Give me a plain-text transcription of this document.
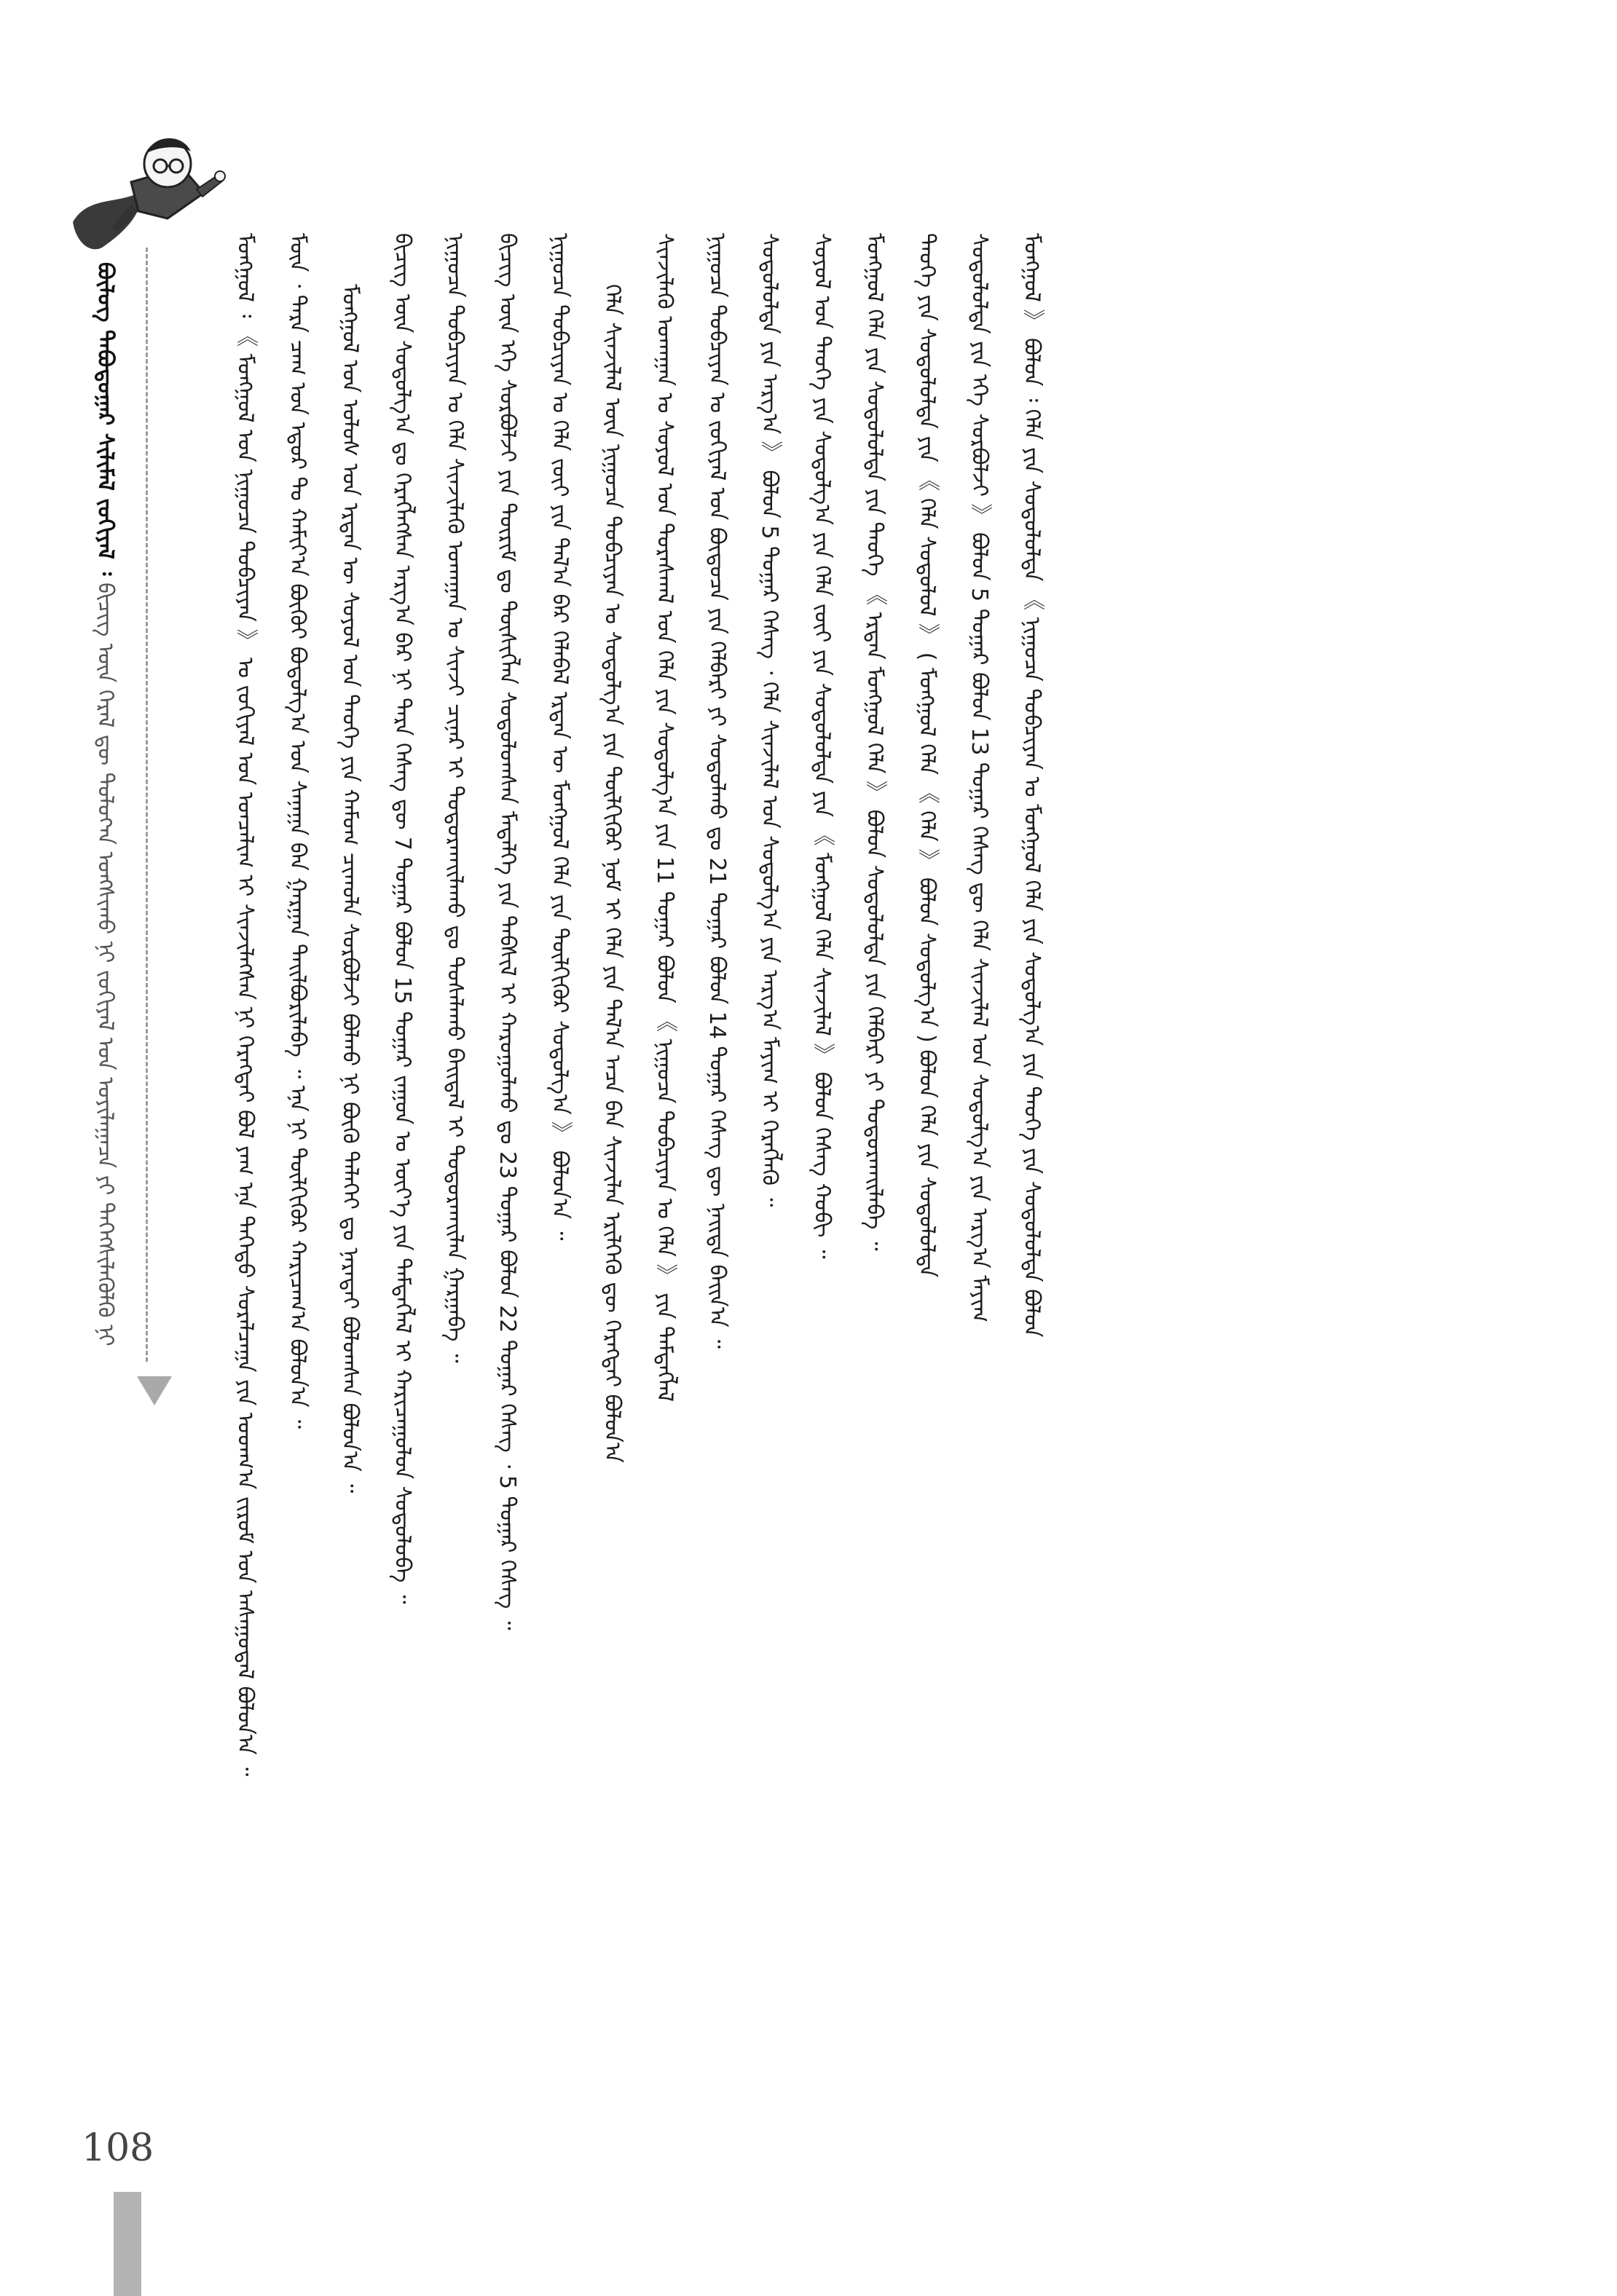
ᠪᠦᠯᠦᠭ ᠲᠠᠪᠤᠳᠤᠭᠠᠷ ᠰᠢᠯᠢᠮᠡᠯ ᠵᠣᠬᠢᠶᠠᠯ ᠄ ᠪᠢᠴᠢᠭ᠌ ᠦᠨ ᠭᠡᠷᠡᠯ ᠳᠦ ᠲᠤᠯᠤᠭ᠌ᠠᠨ ᠤᠩᠰᠢᠬᠤ ᠨᠢ ᠵᠣᠬᠢᠶᠠᠯ ᠤᠨ ᠣᠶᠢᠯᠠᠭᠠᠴᠠ ᠶᠢ ᠳᠡᠭᠡᠭᠰᠢᠯᠡᠭᠦᠯᠬᠦ ᠨᠢ	ᠮᠣᠩᠭᠣᠯ ᠄ 《 ᠮᠣᠩᠭᠣᠯ ᠤᠨ ᠨᠢᠭᠤᠴᠠ ᠲᠣᠪᠴᠢᠶᠠᠨ 》 ᠤ ᠵᠣᠬᠢᠶᠠᠯ ᠤᠨ ᠣᠨᠴᠠᠯᠢᠭ ᠢ ᠰᠢᠨᠵᠢᠯᠡᠭᠰᠡᠨ ᠨᠢ ᠬᠡᠷᠡᠭᠲᠡᠢ ᠪᠣᠯ ᠶᠠᠭ ᠡᠨᠡ ᠳᠡᠭᠡᠳᠦ ᠰᠤᠷᠠᠯᠴᠠᠭᠠ ᠶᠢᠨ ᠤᠳᠬ᠎ᠠ ᠵᠢᠷᠤᠮ ᠤᠨ ᠠᠰᠠᠭᠤᠳᠠᠯ ᠪᠣᠯᠤᠨ᠎ᠠ ᠃	ᠮᠥᠨ ᠂ ᠲᠡᠷᠡ ᠴᠠᠭ ᠤᠨ ᠡᠳᠦᠷ ᠲᠤ ᠬᠠᠮᠢᠶ᠎ᠠ ᠪᠦᠬᠦᠢ ᠪᠣᠳᠣᠯᠭ᠎ᠠ ᠤᠨ ᠰᠠᠨᠠᠭᠠ ᠪᠡᠨ ᠭᠠᠷᠭᠠᠨ ᠲᠠᠢᠯᠪᠤᠷᠢᠯᠠᠪᠠ ᠃ ᠡᠨᠡ ᠨᠢ ᠲᠦᠯᠬᠢᠭᠦᠷ ᠬᠠᠷᠢᠴᠠᠭ᠎ᠠ ᠪᠣᠯᠤᠨ᠎ᠠ ᠃	ᠮᠣᠩᠭᠣᠯ ᠤᠨ ᠤᠯᠤᠰ ᠤᠨ ᠡᠷᠲᠡᠨ ᠦ ᠰᠣᠶᠣᠯ ᠤᠨ ᠲᠡᠦᠬᠡ ᠶᠢᠨ ᠬᠠᠮᠤᠭ ᠴᠢᠬᠤᠯᠠ ᠰᠤᠷᠪᠤᠯᠵᠢ ᠪᠣᠯᠬᠤ ᠨᠢ ᠪᠦᠬᠦ ᠳᠡᠯᠡᠬᠡᠢ ᠳᠤ ᠨᠡᠷᠡᠲᠡᠢ ᠪᠣᠯᠤᠭᠰᠠᠨ ᠪᠣᠯᠤᠨ᠎ᠠ ᠃	ᠪᠢᠴᠢᠭ᠌ ᠦᠨ ᠰᠤᠳᠤᠯᠭ᠎ᠠ ᠳᠤ ᠬᠡᠷᠡᠭᠯᠡᠭᠰᠡᠨ ᠠᠷᠭ᠎ᠠ ᠪᠠᠷ ᠨᠢ ᠲᠡᠷᠡ ᠬᠡᠰᠡᠭ ᠳᠦ 7 ᠳᠤᠭᠠᠷ ᠪᠣᠯᠤᠨ 15 ᠳᠤᠭᠠᠷ ᠵᠠᠭᠤᠨ ᠤ ᠦᠶ᠎ᠡ ᠶᠢᠨ ᠲᠡᠮᠳᠡᠭᠯᠡᠯ ᠢ ᠬᠠᠷᠢᠴᠠᠭᠤᠯᠤᠨ ᠰᠤᠳᠤᠯᠤᠪᠠ ᠃	ᠨᠢᠭᠤᠴᠠ ᠲᠣᠪᠴᠢᠶᠠᠨ ᠤ ᠬᠡᠯᠡ ᠰᠢᠨᠵᠢᠯᠡᠬᠦ ᠤᠬᠠᠭᠠᠨ ᠤ ᠰᠢᠨᠵᠢ ᠴᠢᠨᠠᠷ ᠢ ᠲᠣᠳᠤᠷᠬᠠᠢᠯᠠᠬᠤ ᠳᠤ ᠲᠤᠰᠠᠯᠠᠬᠤ ᠪᠠᠢᠳᠠᠯ ᠢ ᠲᠣᠳᠣᠷᠬᠠᠢᠯᠠᠨ ᠭᠠᠷᠭᠠᠪᠠ ᠃	ᠪᠢᠴᠢᠭ᠌ ᠦᠨ ᠡᠬᠡ ᠰᠤᠷᠪᠤᠯᠵᠢ ᠶᠢᠨ ᠳᠦᠷᠢᠮ ᠳᠤ ᠲᠦᠰᠢᠭᠯᠡᠨ ᠰᠤᠳᠤᠯᠤᠭᠰᠠᠨ ᠮᠡᠳᠡᠯᠭᠡ ᠶᠢᠨ ᠳᠡᠪᠰᠢᠯ ᠢ ᠬᠠᠷᠤᠭᠤᠯᠬᠤ ᠳᠤ 23 ᠳᠤᠭᠠᠷ ᠪᠣᠯᠤᠨ 22 ᠳᠤᠭᠠᠷ ᠬᠡᠰᠡᠭ ᠂ 5 ᠳᠤᠭᠠᠷ ᠬᠡᠰᠡᠭ ᠃	ᠨᠢᠭᠤᠴᠠ ᠲᠣᠪᠴᠢᠶᠠᠨ ᠤ ᠬᠡᠯᠡ ᠵᠦᠢ ᠶᠢᠨ ᠲᠠᠯ᠎ᠠ ᠪᠠᠷ ᠬᠡᠯᠡᠪᠡᠯ ᠡᠷᠲᠡᠨ ᠦ ᠮᠣᠩᠭᠣᠯ ᠬᠡᠯᠡ ᠶᠢᠨ ᠲᠦᠯᠬᠢᠭᠦᠷ ᠰᠤᠳᠤᠯᠭ᠎ᠠ 》 ᠪᠣᠯᠤᠨ᠎ᠠ ᠃	ᠬᠡᠯᠡ ᠰᠢᠨᠵᠢᠯᠡᠯ ᠦᠨ ᠨᠢᠭᠤᠴᠠ ᠲᠣᠪᠴᠢᠶᠠᠨ ᠤ ᠰᠤᠳᠤᠯᠭ᠎ᠠ ᠶᠢᠨ ᠲᠦᠯᠬᠢᠭᠦᠷ ᠨᠣᠮ ᠢ ᠬᠡᠯᠡ ᠶᠢᠨ ᠲᠠᠯ᠎ᠠ ᠠᠴᠠ ᠪᠠᠨ ᠰᠢᠨᠵᠢᠯᠡᠨ ᠡᠷᠢᠯᠬᠡᠬᠦ ᠳᠦ ᠬᠡᠷᠡᠭᠲᠡᠢ ᠪᠣᠯᠤᠨ᠎ᠠ	ᠰᠢᠨᠵᠢᠯᠡᠬᠦ ᠤᠬᠠᠭᠠᠨ ᠤ ᠰᠣᠶᠣᠯ ᠤᠨ ᠳᠤᠷᠠᠰᠬᠠᠯ ᠤᠨ ᠬᠡᠯᠡ ᠶᠢᠨ ᠰᠤᠳᠤᠯᠭ᠎ᠠ ᠶᠢᠨ 11 ᠳᠤᠭᠠᠷ ᠪᠣᠯᠤᠨ 《 ᠨᠢᠭᠤᠴᠠ ᠲᠣᠪᠴᠢᠶᠠᠨ ᠤ ᠬᠡᠯᠡ 》 ᠶᠢᠨ ᠲᠡᠮᠳᠡᠭᠯᠡᠯ	ᠨᠢᠭᠤᠴᠠ ᠲᠣᠪᠴᠢᠶᠠᠨ ᠤ ᠵᠣᠬᠢᠶᠠᠯ ᠤᠨ ᠪᠦᠲᠦᠴᠡ ᠶᠢᠨ ᠬᠡᠯᠪᠡᠷᠢ ᠶᠢ ᠰᠤᠳᠤᠯᠬᠤ ᠳᠤ 21 ᠳᠤᠭᠠᠷ ᠪᠣᠯᠤᠨ 14 ᠳᠤᠭᠠᠷ ᠬᠡᠰᠡᠭ ᠳᠦ ᠨᠡᠢᠲᠡ ᠪᠠᠢᠨ᠎ᠠ ᠃	ᠰᠤᠳᠤᠯᠤᠯᠲᠠ ᠶᠢᠨ ᠠᠷᠭ᠎ᠠ 》 ᠪᠣᠯᠤᠨ 5 ᠳᠤᠭᠠᠷ ᠬᠡᠰᠡᠭ ᠂ ᠬᠡᠯᠡ ᠰᠢᠨᠵᠢᠯᠡᠯ ᠤᠨ ᠰᠤᠳᠤᠯᠭ᠎ᠠ ᠶᠢᠨ ᠠᠷᠭ᠎ᠠ ᠮᠠᠶᠢᠭ ᠢ ᠬᠡᠷᠡᠭᠯᠡᠬᠦ ᠃	ᠰᠣᠶᠣᠯ ᠤᠨ ᠲᠡᠦᠬᠡ ᠶᠢᠨ ᠰᠤᠳᠤᠯᠭ᠎ᠠ ᠶᠢᠨ ᠬᠡᠯᠡ ᠵᠦᠢ ᠶᠢᠨ ᠰᠤᠳᠤᠯᠤᠯᠲᠠ ᠶᠢᠨ 《 ᠮᠣᠩᠭᠣᠯ ᠬᠡᠯᠡ ᠰᠢᠨᠵᠢᠯᠡᠯ 》 ᠪᠣᠯᠤᠨ ᠬᠡᠰᠡᠭ ᠬᠤᠪᠢ ᠃	ᠮᠣᠩᠭᠣᠯ ᠬᠡᠯᠡ ᠶᠢᠨ ᠰᠤᠳᠤᠯᠤᠯᠲᠠ ᠶᠢᠨ ᠲᠡᠦᠬᠡ 《 ᠡᠷᠲᠡᠨ ᠮᠣᠩᠭᠣᠯ ᠬᠡᠯᠡ 》 ᠪᠣᠯᠤᠨ ᠰᠤᠳᠤᠯᠤᠯᠲᠠ ᠶᠢᠨ ᠬᠡᠯᠪᠡᠷᠢ ᠶᠢ ᠲᠣᠳᠤᠷᠬᠠᠢᠯᠠᠪᠠ ᠃	ᠲᠡᠦᠬᠡ ᠶᠢᠨ ᠰᠤᠳᠤᠯᠤᠯᠲᠠ ᠶᠢᠨ 《 ᠬᠡᠯᠡ ᠰᠤᠳᠤᠯᠤᠯ 》 ( ᠮᠣᠩᠭᠣᠯ ᠬᠡᠯᠡ 《 ᠬᠡᠯᠡ 》 ᠪᠣᠯᠤᠨ ᠰᠤᠳᠤᠯᠭ᠎ᠠ ) ᠪᠣᠯᠤᠨ ᠬᠡᠯᠡ ᠶᠢᠨ ᠰᠤᠳᠤᠯᠤᠯᠲᠠ	ᠰᠤᠳᠤᠯᠤᠯᠲᠠ ᠶᠢᠨ ᠡᠬᠡ ᠰᠤᠷᠪᠤᠯᠵᠢ 》 ᠪᠣᠯᠤᠨ 5 ᠳᠤᠭᠠᠷ ᠪᠣᠯᠤᠨ 13 ᠳᠤᠭᠠᠷ ᠬᠡᠰᠡᠭ ᠳᠦ ᠬᠡᠯᠡ ᠰᠢᠨᠵᠢᠯᠡᠯ ᠤᠨ ᠰᠤᠳᠤᠯᠭ᠎ᠠ ᠶᠢᠨ ᠠᠷᠭ᠎ᠠ ᠮᠠᠶᠢᠭ	ᠮᠣᠩᠭᠣᠯ 》 ᠪᠣᠯᠤᠨ ᠄ ᠬᠡᠯᠡ ᠶᠢᠨ ᠰᠤᠳᠤᠯᠤᠯᠲᠠ 《 ᠨᠢᠭᠤᠴᠠ ᠲᠣᠪᠴᠢᠶᠠᠨ ᠤ ᠮᠣᠩᠭᠣᠯ ᠬᠡᠯᠡ ᠶᠢᠨ ᠰᠤᠳᠤᠯᠭ᠎ᠠ ᠶᠢᠨ ᠲᠡᠦᠬᠡ ᠶᠢᠨ ᠰᠤᠳᠤᠯᠤᠯᠲᠠ ᠪᠣᠯᠤᠨ
108
